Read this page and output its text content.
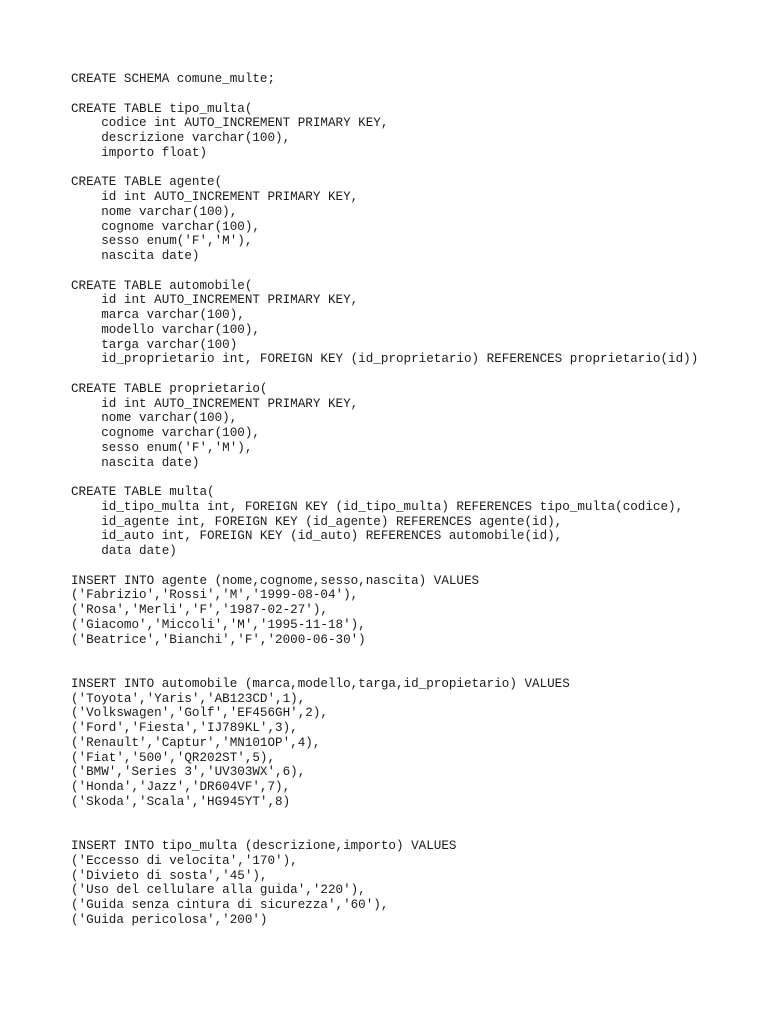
CREATE SCHEMA comune_multe;

CREATE TABLE tipo_multa(
codice int AUTO_INCREMENT PRIMARY KEY,
descrizione varchar(100),
importo float)

CREATE TABLE agente(
id int AUTO_INCREMENT PRIMARY KEY,
nome varchar(100),
cognome varchar(100),
sesso enum('F','M'),
nascita date)

CREATE TABLE automobile(
id int AUTO_INCREMENT PRIMARY KEY,
marca varchar(100),
modello varchar(100),
targa varchar(100)
id_proprietario int, FOREIGN KEY (id_proprietario) REFERENCES proprietario(id))

CREATE TABLE proprietario(
id int AUTO_INCREMENT PRIMARY KEY,
nome varchar(100),
cognome varchar(100),
sesso enum('F','M'),
nascita date)

CREATE TABLE multa(
id_tipo_multa int, FOREIGN KEY (id_tipo_multa) REFERENCES tipo_multa(codice),
id_agente int, FOREIGN KEY (id_agente) REFERENCES agente(id),
id_auto int, FOREIGN KEY (id_auto) REFERENCES automobile(id),
data date)

INSERT INTO agente (nome,cognome,sesso,nascita) VALUES
('Fabrizio','Rossi','M','1999-08-04'),
('Rosa','Merli','F','1987-02-27'),
('Giacomo','Miccoli','M','1995-11-18'),
('Beatrice','Bianchi','F','2000-06-30')

INSERT INTO automobile (marca,modello,targa,id_propietario) VALUES
('Toyota','Yaris','AB123CD',1),
('Volkswagen','Golf','EF456GH',2),
('Ford','Fiesta','IJ789KL',3),
('Renault','Captur','MN101OP',4),
('Fiat','500','QR202ST',5),
('BMW','Series 3','UV303WX',6),
('Honda','Jazz','DR604VF',7),
('Skoda','Scala','HG945YT',8)

INSERT INTO tipo_multa (descrizione,importo) VALUES
('Eccesso di velocita','170'),
('Divieto di sosta','45'),
('Uso del cellulare alla guida','220'),
('Guida senza cintura di sicurezza','60'),
('Guida pericolosa','200')
